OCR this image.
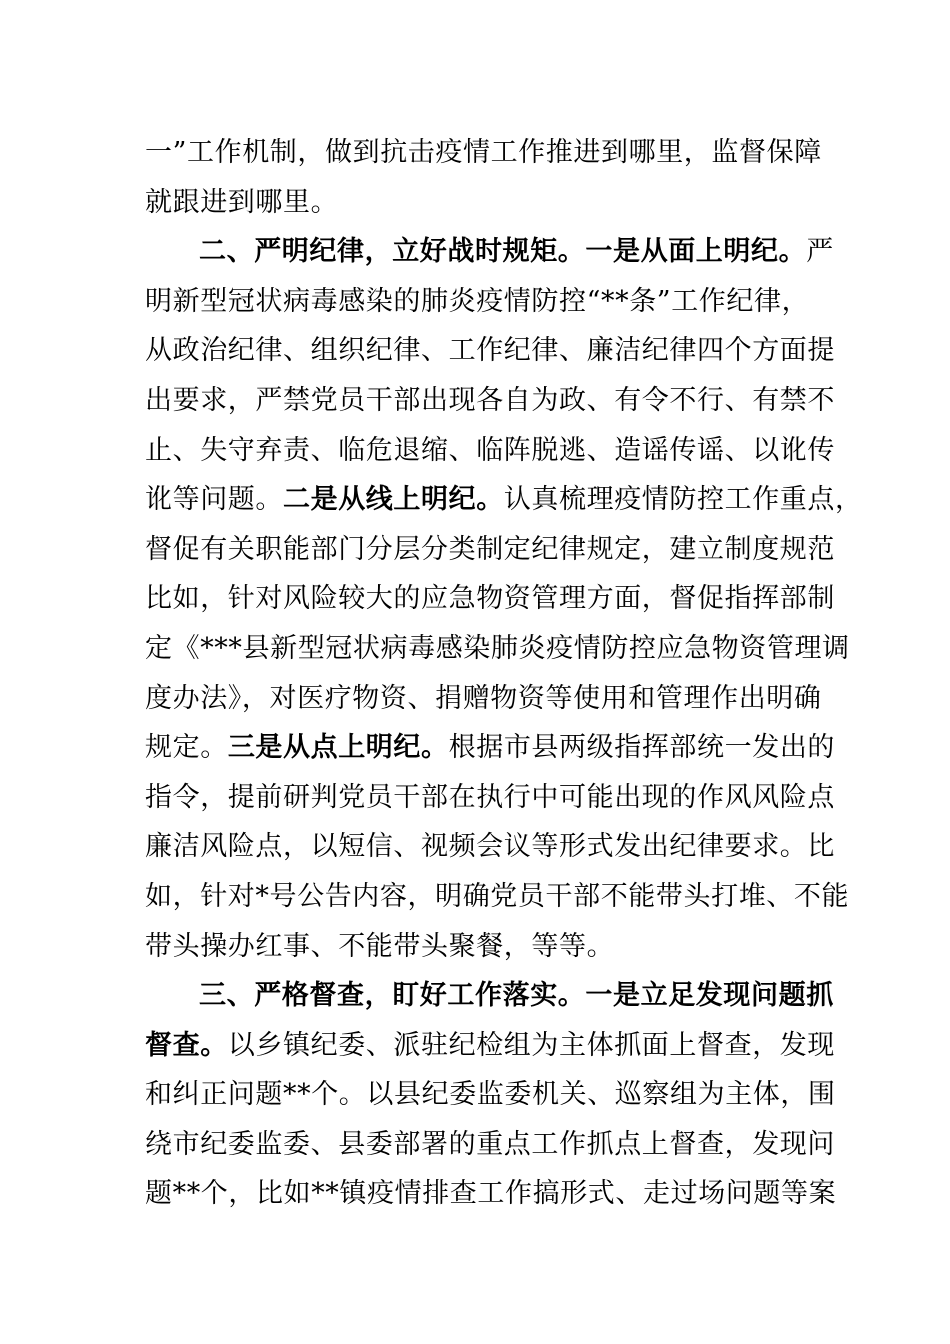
一”工作机制，做到抗击疫情工作推进到哪里，监督保障
就跟进到哪里。
二、严明纪律，立好战时规矩。一是从面上明纪。严
明新型冠状病毒感染的肺炎疫情防控“**条”工作纪律，
从政治纪律、组织纪律、工作纪律、廉洁纪律四个方面提
出要求，严禁党员干部出现各自为政、有令不行、有禁不
止、失守弃责、临危退缩、临阵脱逃、造谣传谣、以讹传
讹等问题。二是从线上明纪。认真梳理疫情防控工作重点，
督促有关职能部门分层分类制定纪律规定，建立制度规范
比如，针对风险较大的应急物资管理方面，督促指挥部制
定《***县新型冠状病毒感染肺炎疫情防控应急物资管理调
度办法》，对医疗物资、捐赠物资等使用和管理作出明确
规定。三是从点上明纪。根据市县两级指挥部统一发出的
指令，提前研判党员干部在执行中可能出现的作风风险点
廉洁风险点，以短信、视频会议等形式发出纪律要求。比
如，针对*号公告内容，明确党员干部不能带头打堆、不能
带头操办红事、不能带头聚餐，等等。
三、严格督查，盯好工作落实。一是立足发现问题抓
督查。以乡镇纪委、派驻纪检组为主体抓面上督查，发现
和纠正问题**个。以县纪委监委机关、巡察组为主体，围
绕市纪委监委、县委部署的重点工作抓点上督查，发现问
题**个，比如**镇疫情排查工作搞形式、走过场问题等案
